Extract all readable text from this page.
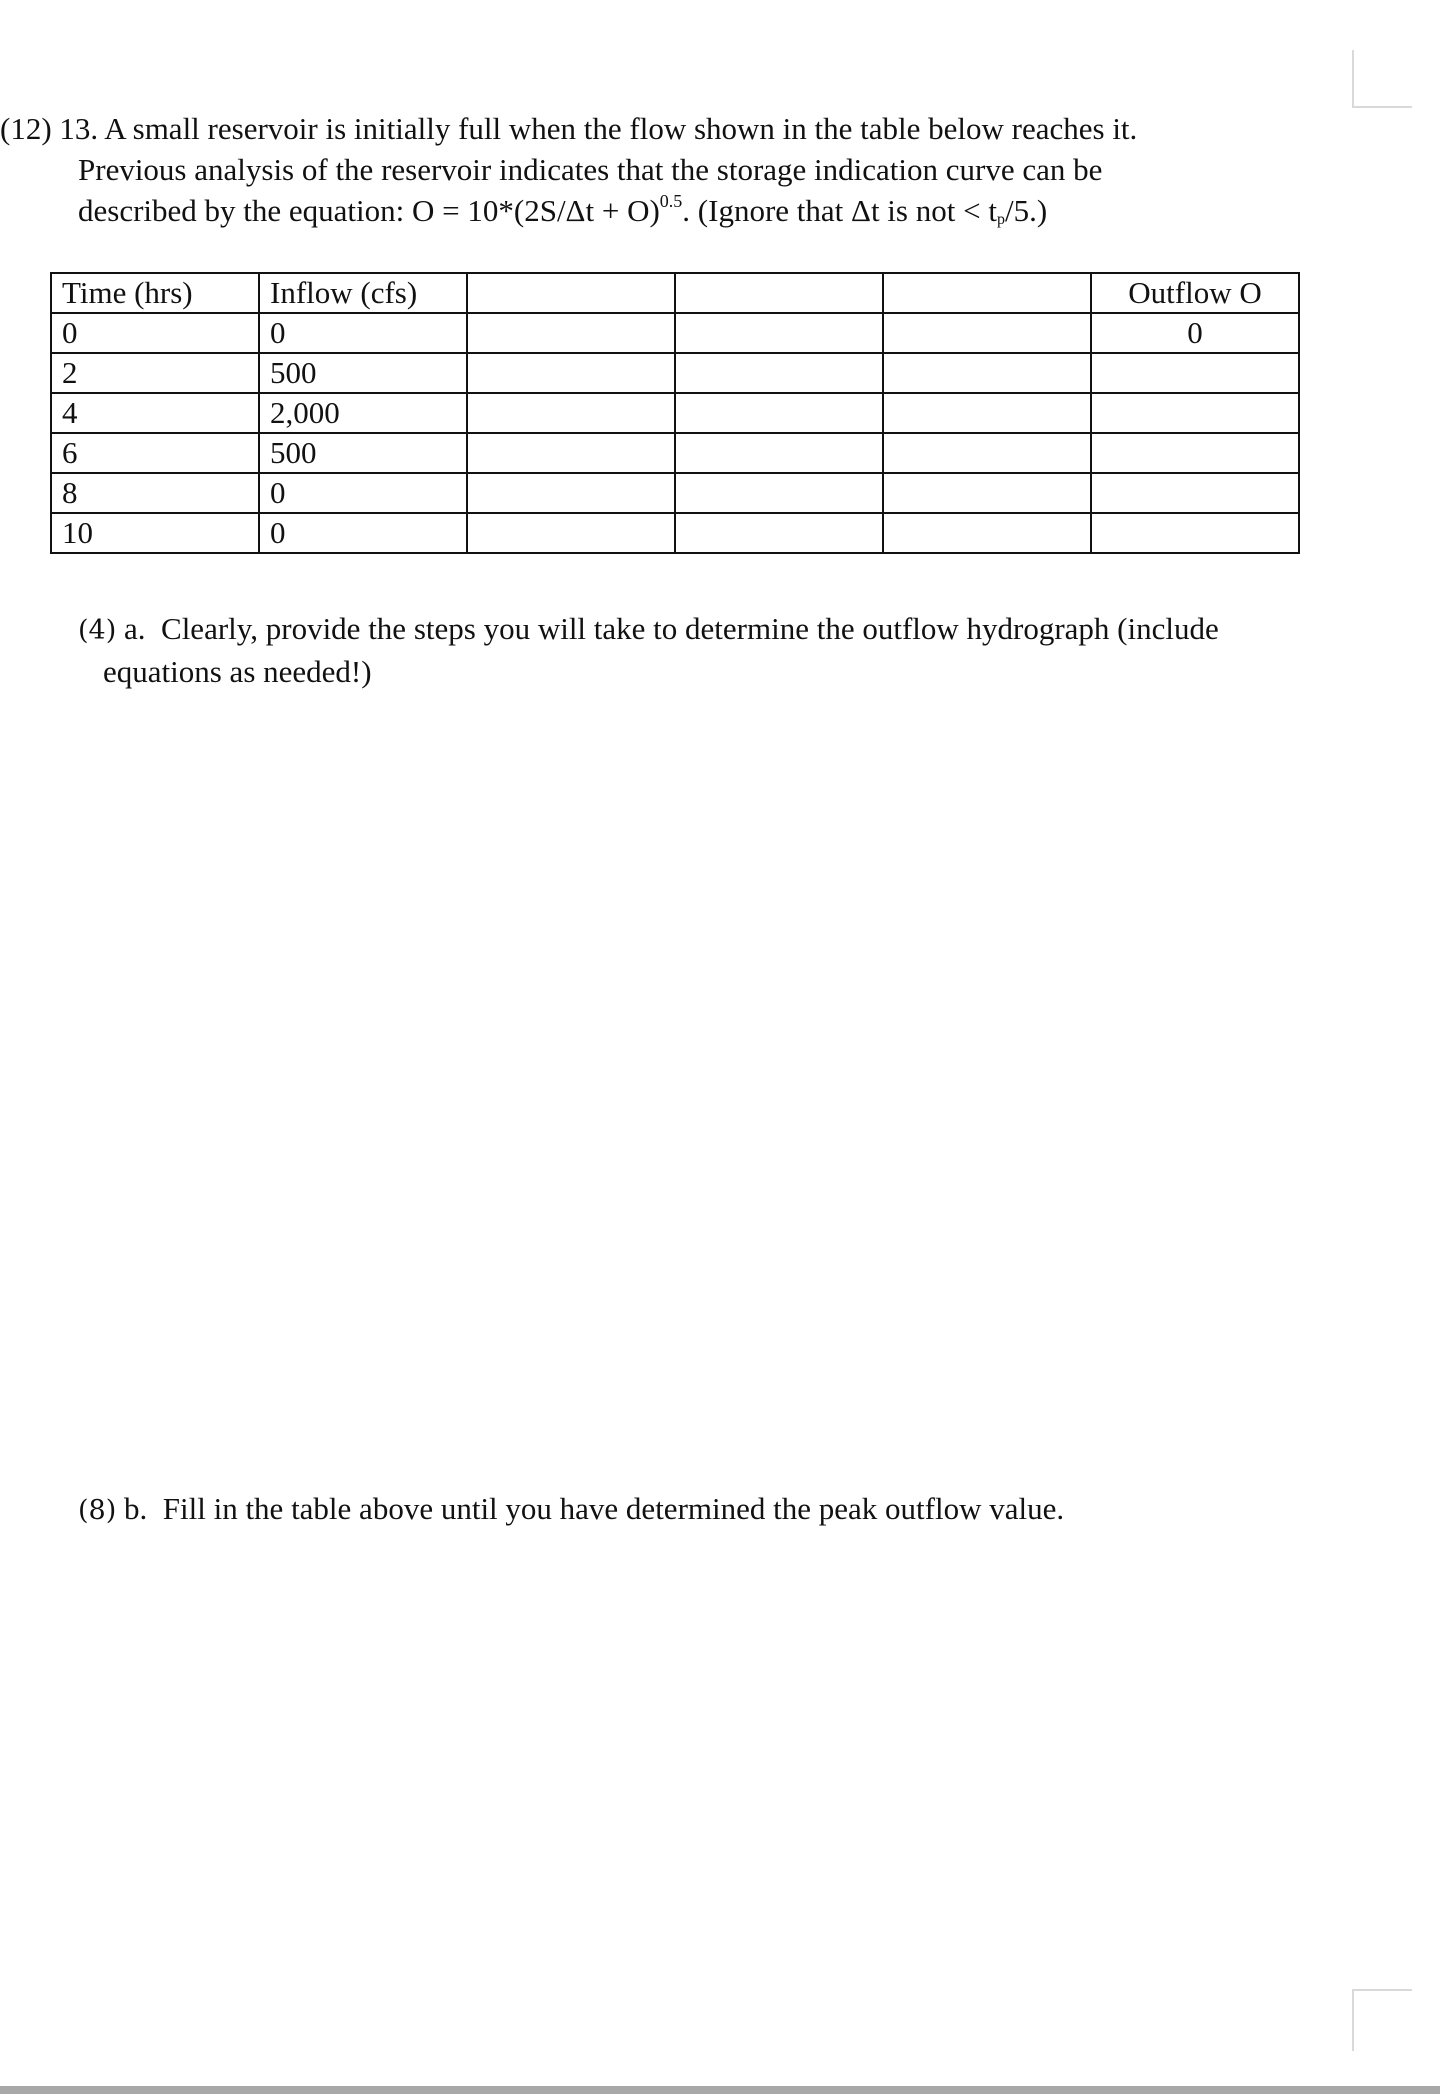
(12) 13. A small reservoir is initially full when the flow shown in the table below reaches it.
Previous analysis of the reservoir indicates that the storage indication curve can be
described by the equation: $O = 10*(2S/\Delta t + O)^{0.5}$. (Ignore that Δt is not < $t_p/5$.)
Time (hrs)	Inflow (cfs)				Outflow O
0	0				0
2	500				
4	2,000				
6	500				
8	0				
10	0				
(4) a. Clearly, provide the steps you will take to determine the outflow hydrograph (include
equations as needed!)
(8) b. Fill in the table above until you have determined the peak outflow value.
